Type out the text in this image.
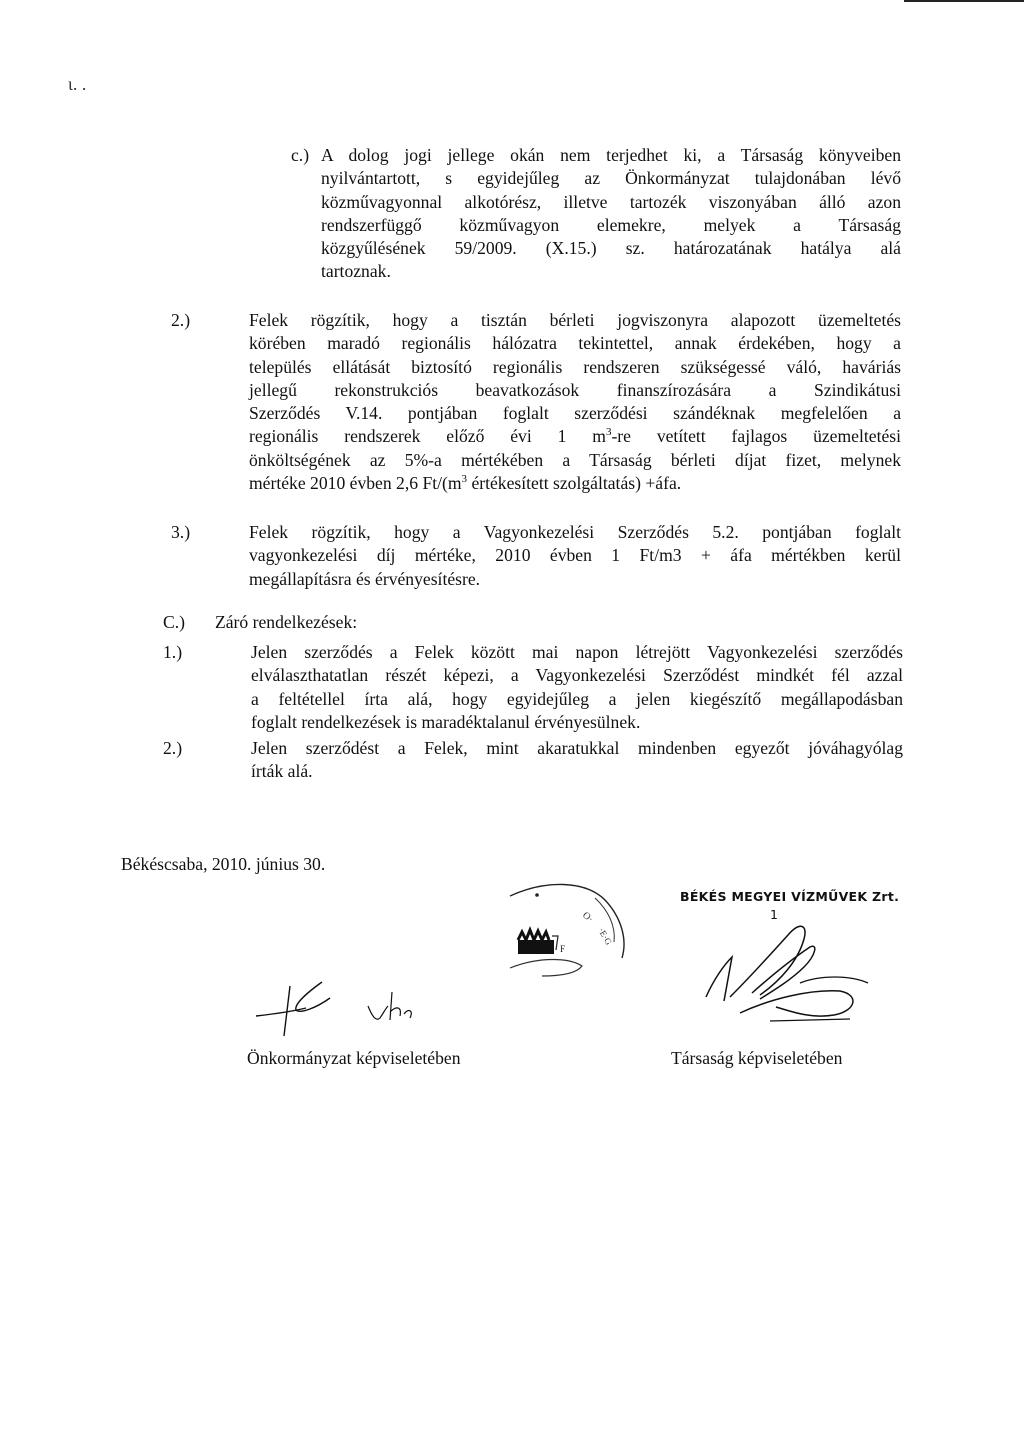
ι. .
c.) A dolog jogi jellege okán nem terjedhet ki, a Társaság könyveiben
nyilvántartott, s egyidejűleg az Önkormányzat tulajdonában lévő
közművagyonnal alkotórész, illetve tartozék viszonyában álló azon
rendszerfüggő közművagyon elemekre, melyek a Társaság
közgyűlésének 59/2009. (X.15.) sz. határozatának hatálya alá
tartoznak.
2.)	Felek rögzítik, hogy a tisztán bérleti jogviszonyra alapozott üzemeltetés
körében maradó regionális hálózatra tekintettel, annak érdekében, hogy a
település ellátását biztosító regionális rendszeren szükségessé váló, haváriás
jellegű rekonstrukciós beavatkozások finanszírozására a Szindikátusi
Szerződés V.14. pontjában foglalt szerződési szándéknak megfelelően a
regionális rendszerek előző évi 1 $m^3-re$ vetített fajlagos üzemeltetési
önköltségének az 5%-a mértékében a Társaság bérleti díjat fizet, melynek
mértéke 2010 évben 2,6 $Ft/(m^3$ értékesített szolgáltatás) +áfa.
3.)	Felek rögzítik, hogy a Vagyonkezelési Szerződés 5.2. pontjában foglalt
vagyonkezelési díj mértéke, 2010 évben 1 Ft/m3 + áfa mértékben kerül
megállapításra és érvényesítésre.
C.) Záró rendelkezések:
1.)	Jelen szerződés a Felek között mai napon létrejött Vagyonkezelési szerződés
elválaszthatatlan részét képezi, a Vagyonkezelési Szerződést mindkét fél azzal
a feltétellel írta alá, hogy egyidejűleg a jelen kiegészítő megállapodásban
foglalt rendelkezések is maradéktalanul érvényesülnek.
2.)	Jelen szerződést a Felek, mint akaratukkal mindenben egyezőt jóváhagyólag
írták alá.
Békéscsaba, 2010. június 30.
BÉKÉS MEGYEI VÍZMŰVEK Zrt.
1
O·
·E·G
F
Önkormányzat képviseletében	Társaság képviseletében
